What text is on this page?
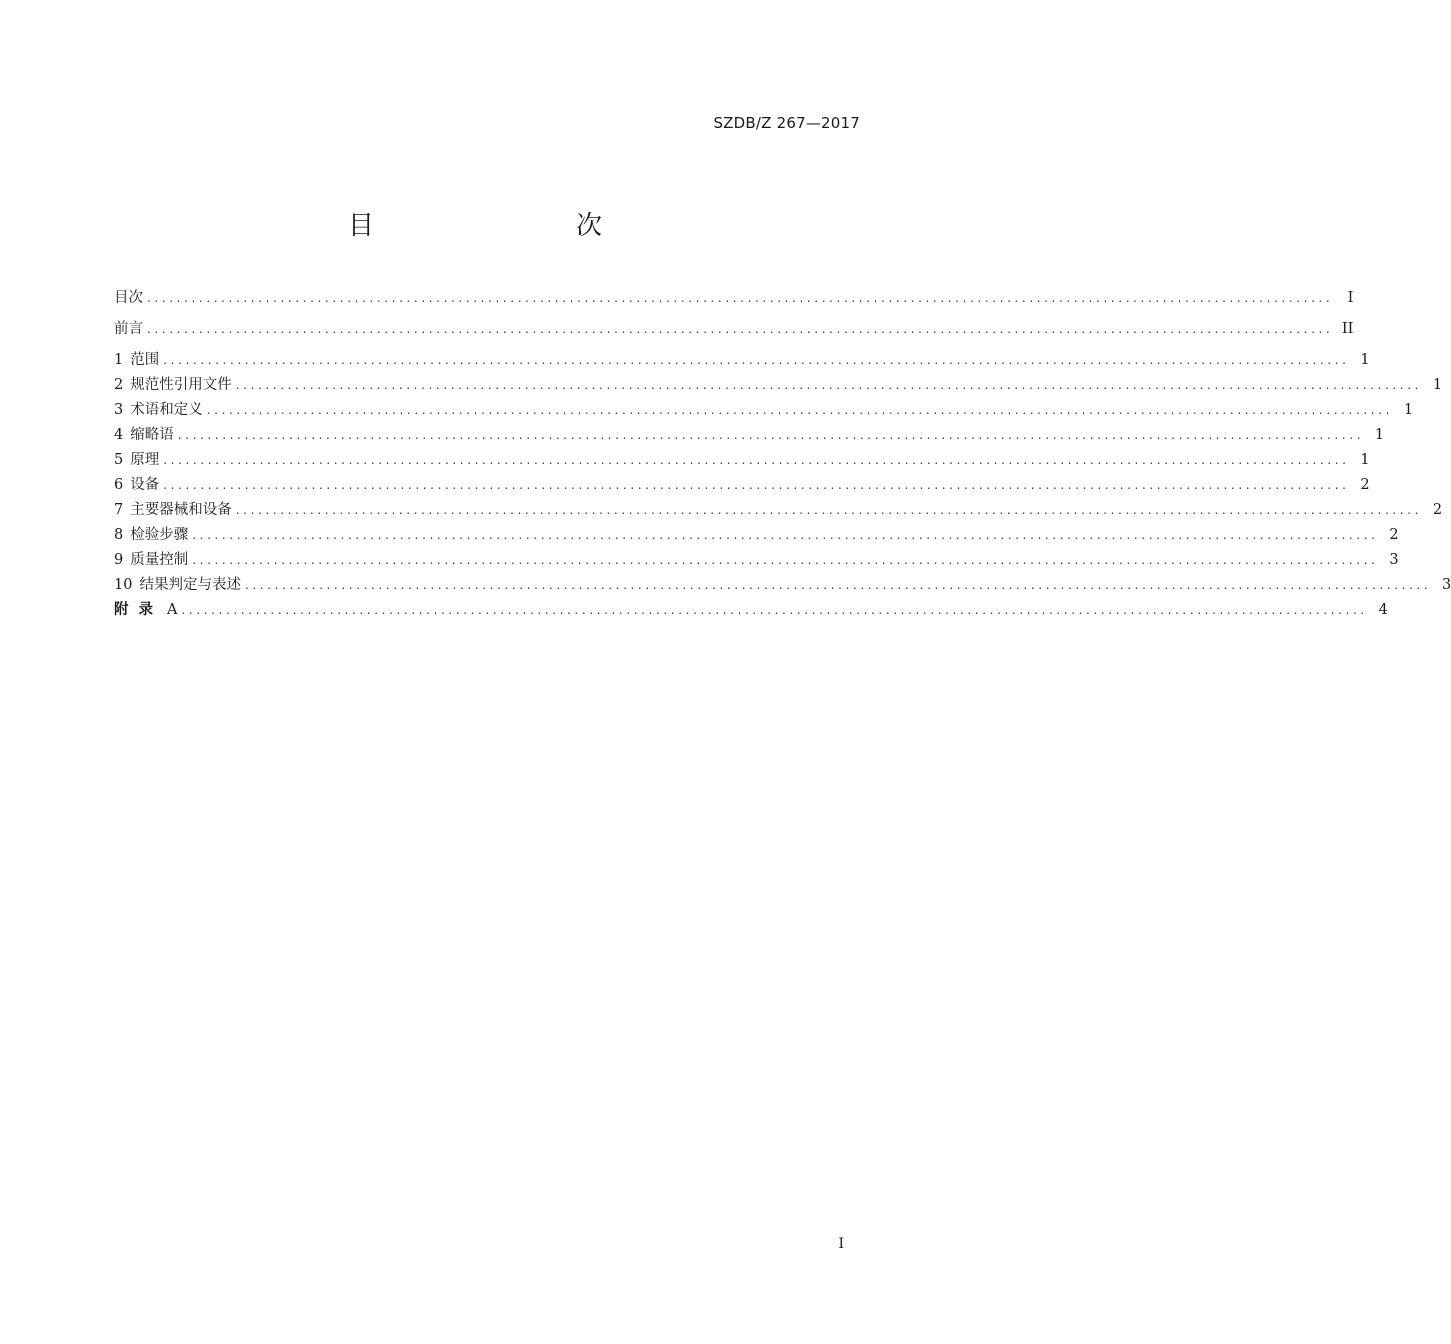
SZDB/Z 267—2017
目　　次
目次 ................................................................................................................................................................ I
前言 ................................................................................................................................................................ II
1 范围 ................................................................................................................................................................ 1
2 规范性引用文件 ................................................................................................................................................................ 1
3 术语和定义 ................................................................................................................................................................ 1
4 缩略语 ................................................................................................................................................................ 1
5 原理 ................................................................................................................................................................ 1
6 设备 ................................................................................................................................................................ 2
7 主要器械和设备 ................................................................................................................................................................ 2
8 检验步骤 ................................................................................................................................................................ 2
9 质量控制 ................................................................................................................................................................ 3
10 结果判定与表述 ................................................................................................................................................................ 3
附录 A ................................................................................................................................................................ 4
I
